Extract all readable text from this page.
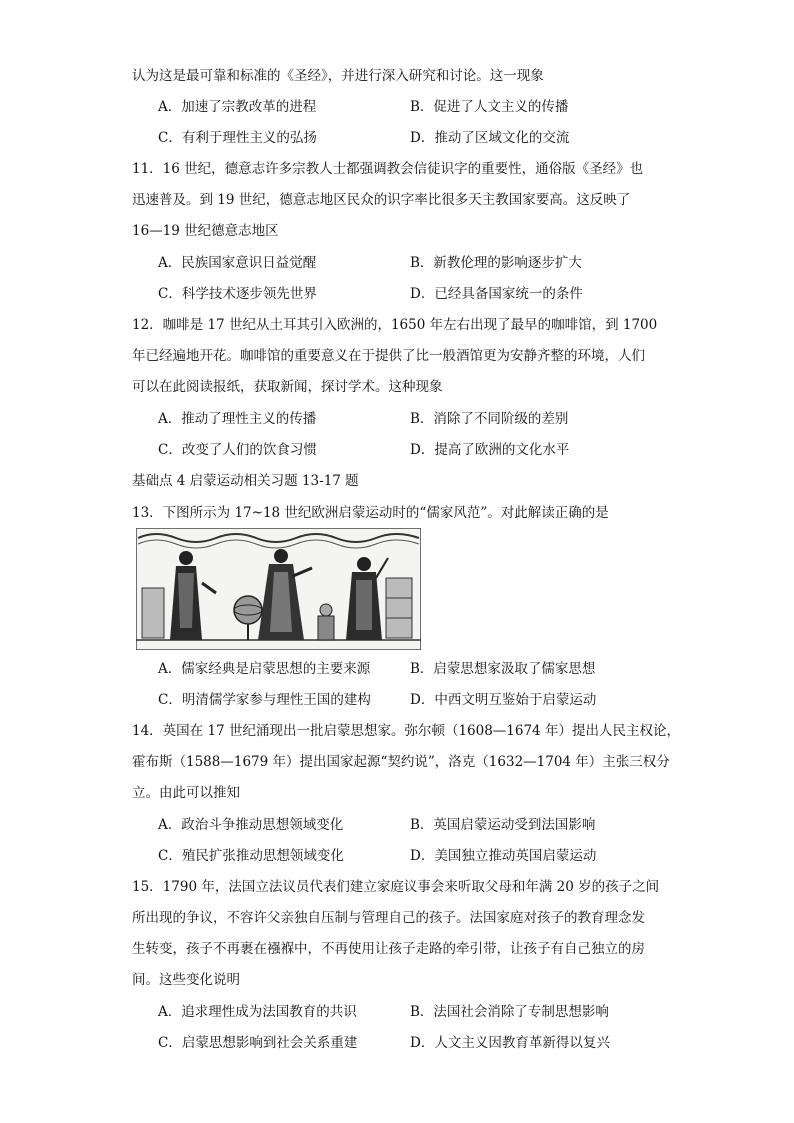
认为这是最可靠和标准的《圣经》，并进行深入研究和讨论。这一现象
A．加速了宗教改革的进程	B．促进了人文主义的传播
C．有利于理性主义的弘扬	D．推动了区域文化的交流
11．16 世纪，德意志许多宗教人士都强调教会信徒识字的重要性，通俗版《圣经》也
迅速普及。到 19 世纪，德意志地区民众的识字率比很多天主教国家要高。这反映了
16—19 世纪德意志地区
A．民族国家意识日益觉醒	B．新教伦理的影响逐步扩大
C．科学技术逐步领先世界	D．已经具备国家统一的条件
12．咖啡是 17 世纪从土耳其引入欧洲的，1650 年左右出现了最早的咖啡馆，到 1700
年已经遍地开花。咖啡馆的重要意义在于提供了比一般酒馆更为安静齐整的环境，人们
可以在此阅读报纸，获取新闻，探讨学术。这种现象
A．推动了理性主义的传播	B．消除了不同阶级的差别
C．改变了人们的饮食习惯	D．提高了欧洲的文化水平
基础点 4 启蒙运动相关习题 13-17 题
13．下图所示为 17~18 世纪欧洲启蒙运动时的“儒家风范”。对此解读正确的是
A．儒家经典是启蒙思想的主要来源	B．启蒙思想家汲取了儒家思想
C．明清儒学家参与理性王国的建构	D．中西文明互鉴始于启蒙运动
14．英国在 17 世纪涌现出一批启蒙思想家。弥尔顿（1608—1674 年）提出人民主权论，
霍布斯（1588—1679 年）提出国家起源“契约说”，洛克（1632—1704 年）主张三权分
立。由此可以推知
A．政治斗争推动思想领域变化	B．英国启蒙运动受到法国影响
C．殖民扩张推动思想领域变化	D．美国独立推动英国启蒙运动
15．1790 年，法国立法议员代表们建立家庭议事会来听取父母和年满 20 岁的孩子之间
所出现的争议，不容许父亲独自压制与管理自己的孩子。法国家庭对孩子的教育理念发
生转变，孩子不再裹在襁褓中，不再使用让孩子走路的牵引带，让孩子有自己独立的房
间。这些变化说明
A．追求理性成为法国教育的共识	B．法国社会消除了专制思想影响
C．启蒙思想影响到社会关系重建	D．人文主义因教育革新得以复兴
